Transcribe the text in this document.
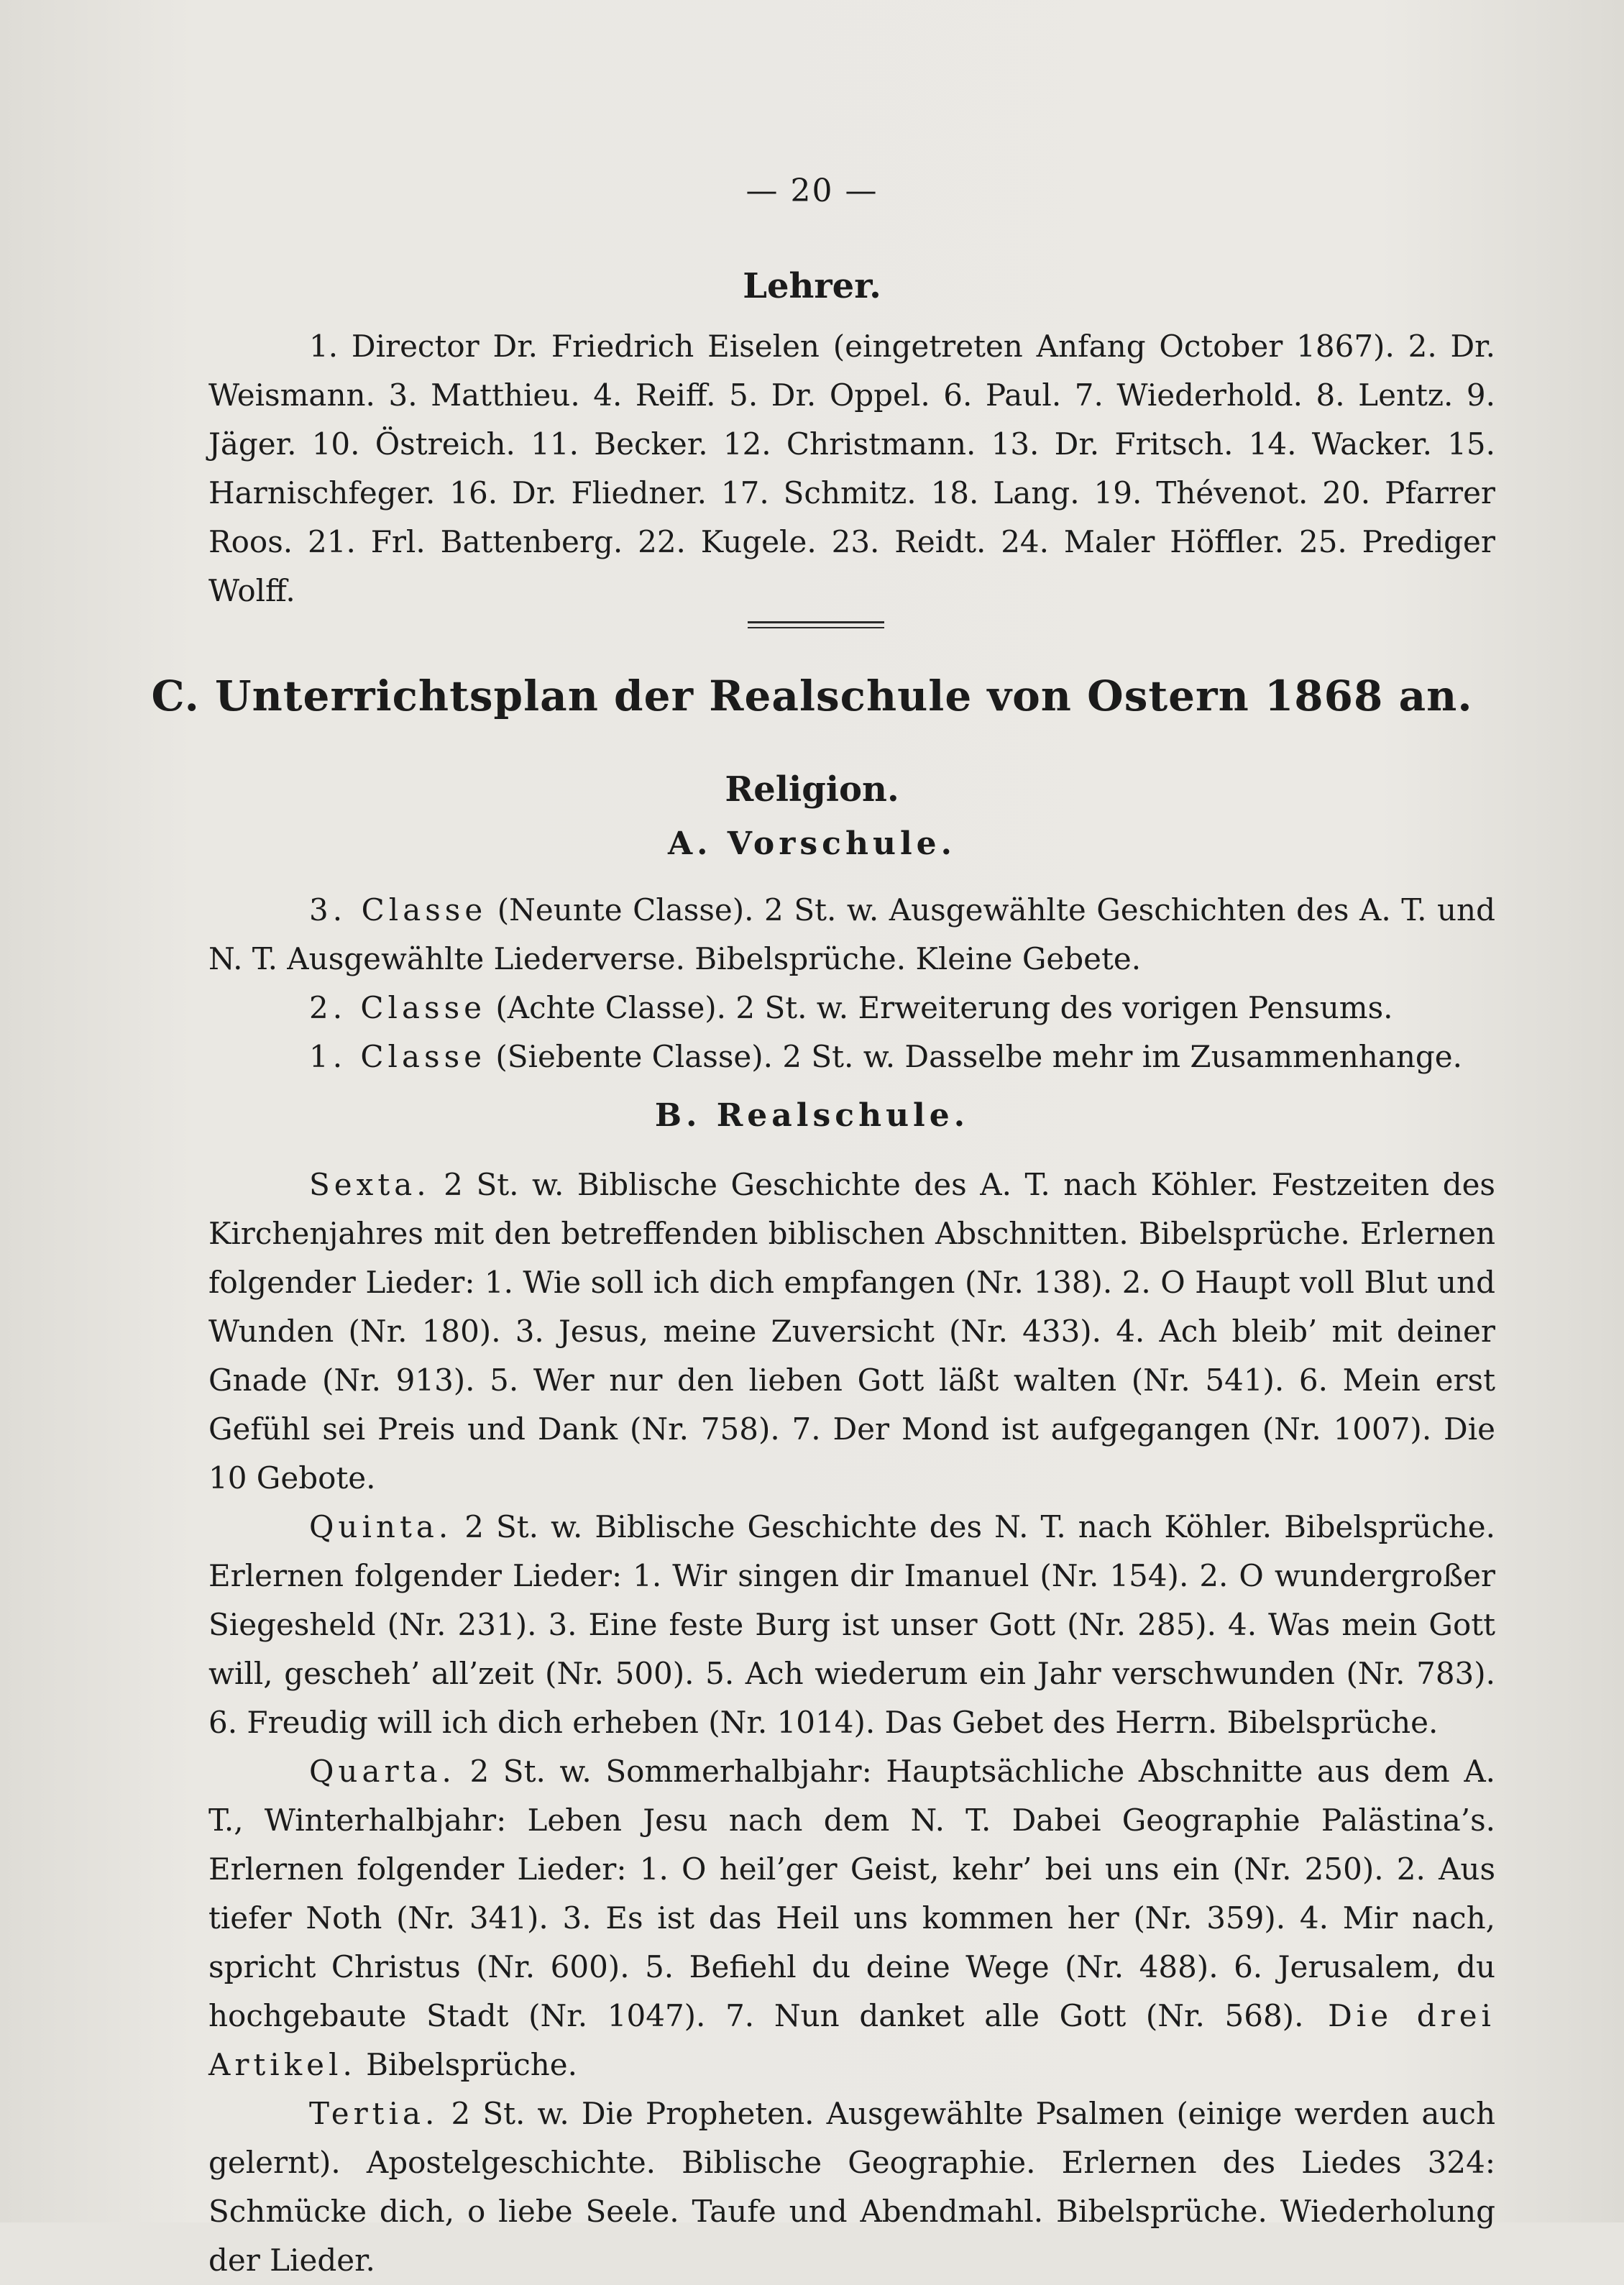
— 20 —
Lehrer.

1. Director Dr. Friedrich Eiselen (eingetreten Anfang October 1867). 2. Dr. Weismann. 3. Matthieu. 4. Reiff. 5. Dr. Oppel. 6. Paul. 7. Wiederhold. 8. Lentz. 9. Jäger. 10. Östreich. 11. Becker. 12. Christmann. 13. Dr. Fritsch. 14. Wacker. 15. Harnischfeger. 16. Dr. Fliedner. 17. Schmitz. 18. Lang. 19. Thévenot. 20. Pfarrer Roos. 21. Frl. Battenberg. 22. Kugele. 23. Reidt. 24. Maler Höffler. 25. Prediger Wolff.

C. Unterrichtsplan der Realschule von Ostern 1868 an.
Religion.
A. Vorschule.

3. Classe (Neunte Classe). 2 St. w. Ausgewählte Geschichten des A. T. und N. T. Ausgewählte Liederverse. Bibelsprüche. Kleine Gebete.

2. Classe (Achte Classe). 2 St. w. Erweiterung des vorigen Pensums.

1. Classe (Siebente Classe). 2 St. w. Dasselbe mehr im Zusammenhange.

B. Realschule.

Sexta. 2 St. w. Biblische Geschichte des A. T. nach Köhler. Festzeiten des Kirchenjahres mit den betreffenden biblischen Abschnitten. Bibelsprüche. Erlernen folgender Lieder: 1. Wie soll ich dich empfangen (Nr. 138). 2. O Haupt voll Blut und Wunden (Nr. 180). 3. Jesus, meine Zuversicht (Nr. 433). 4. Ach bleib’ mit deiner Gnade (Nr. 913). 5. Wer nur den lieben Gott läßt walten (Nr. 541). 6. Mein erst Gefühl sei Preis und Dank (Nr. 758). 7. Der Mond ist aufgegangen (Nr. 1007). Die 10 Gebote.

Quinta. 2 St. w. Biblische Geschichte des N. T. nach Köhler. Bibelsprüche. Erlernen folgender Lieder: 1. Wir singen dir Imanuel (Nr. 154). 2. O wundergroßer Siegesheld (Nr. 231). 3. Eine feste Burg ist unser Gott (Nr. 285). 4. Was mein Gott will, gescheh’ all’zeit (Nr. 500). 5. Ach wiederum ein Jahr verschwunden (Nr. 783). 6. Freudig will ich dich erheben (Nr. 1014). Das Gebet des Herrn. Bibelsprüche.

Quarta. 2 St. w. Sommerhalbjahr: Hauptsächliche Abschnitte aus dem A. T., Winterhalbjahr: Leben Jesu nach dem N. T. Dabei Geographie Palästina’s. Erlernen folgender Lieder: 1. O heil’ger Geist, kehr’ bei uns ein (Nr. 250). 2. Aus tiefer Noth (Nr. 341). 3. Es ist das Heil uns kommen her (Nr. 359). 4. Mir nach, spricht Christus (Nr. 600). 5. Befiehl du deine Wege (Nr. 488). 6. Jerusalem, du hochgebaute Stadt (Nr. 1047). 7. Nun danket alle Gott (Nr. 568). Die drei Artikel. Bibelsprüche.

Tertia. 2 St. w. Die Propheten. Ausgewählte Psalmen (einige werden auch gelernt). Apostelgeschichte. Biblische Geographie. Erlernen des Liedes 324: Schmücke dich, o liebe Seele. Taufe und Abendmahl. Bibelsprüche. Wiederholung der Lieder.
